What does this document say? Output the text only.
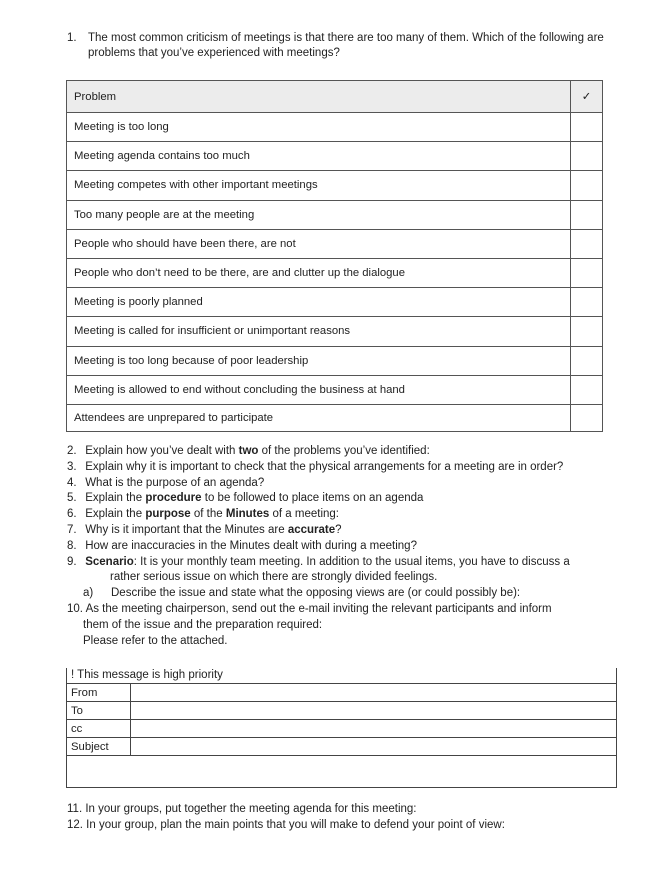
1. The most common criticism of meetings is that there are too many of them. Which of the following are problems that you’ve experienced with meetings?
Problem	✓
Meeting is too long	
Meeting agenda contains too much	
Meeting competes with other important meetings	
Too many people are at the meeting	
People who should have been there, are not	
People who don’t need to be there, are and clutter up the dialogue	
Meeting is poorly planned	
Meeting is called for insufficient or unimportant reasons	
Meeting is too long because of poor leadership	
Meeting is allowed to end without concluding the business at hand	
Attendees are unprepared to participate	
2. Explain how you’ve dealt with two of the problems you’ve identified:
3. Explain why it is important to check that the physical arrangements for a meeting are in order?
4. What is the purpose of an agenda?
5. Explain the procedure to be followed to place items on an agenda
6. Explain the purpose of the Minutes of a meeting:
7. Why is it important that the Minutes are accurate?
8. How are inaccuracies in the Minutes dealt with during a meeting?
9. Scenario: It is your monthly team meeting. In addition to the usual items, you have to discuss a
rather serious issue on which there are strongly divided feelings.
a) Describe the issue and state what the opposing views are (or could possibly be):
10. As the meeting chairperson, send out the e-mail inviting the relevant participants and inform
them of the issue and the preparation required:
Please refer to the attached.
! This message is high priority
From	
To	
cc	
Subject	
11. In your groups, put together the meeting agenda for this meeting:
12. In your group, plan the main points that you will make to defend your point of view:
